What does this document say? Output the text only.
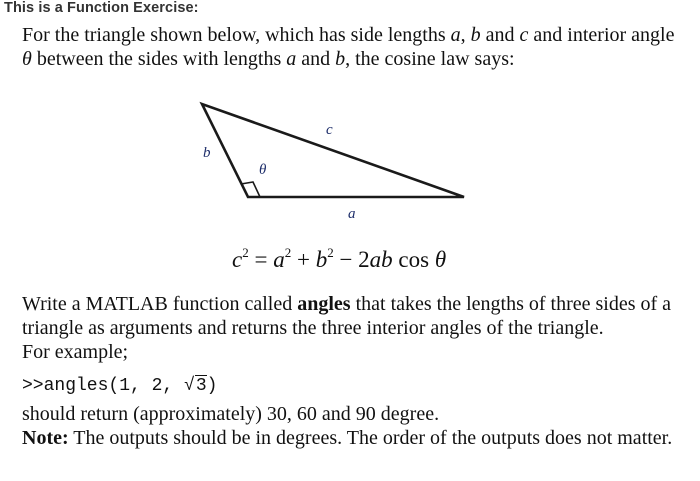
This is a Function Exercise:
For the triangle shown below, which has side lengths a, b and c and interior angle
θ between the sides with lengths a and b, the cosine law says:
b
c
θ
a
$c^2 = a^2 + b^2 - 2ab$ cos θ
Write a MATLAB function called angles that takes the lengths of three sides of a
triangle as arguments and returns the three interior angles of the triangle.
For example;
>>angles(1, 2, √3)
should return (approximately) 30, 60 and 90 degree.
Note: The outputs should be in degrees. The order of the outputs does not matter.
